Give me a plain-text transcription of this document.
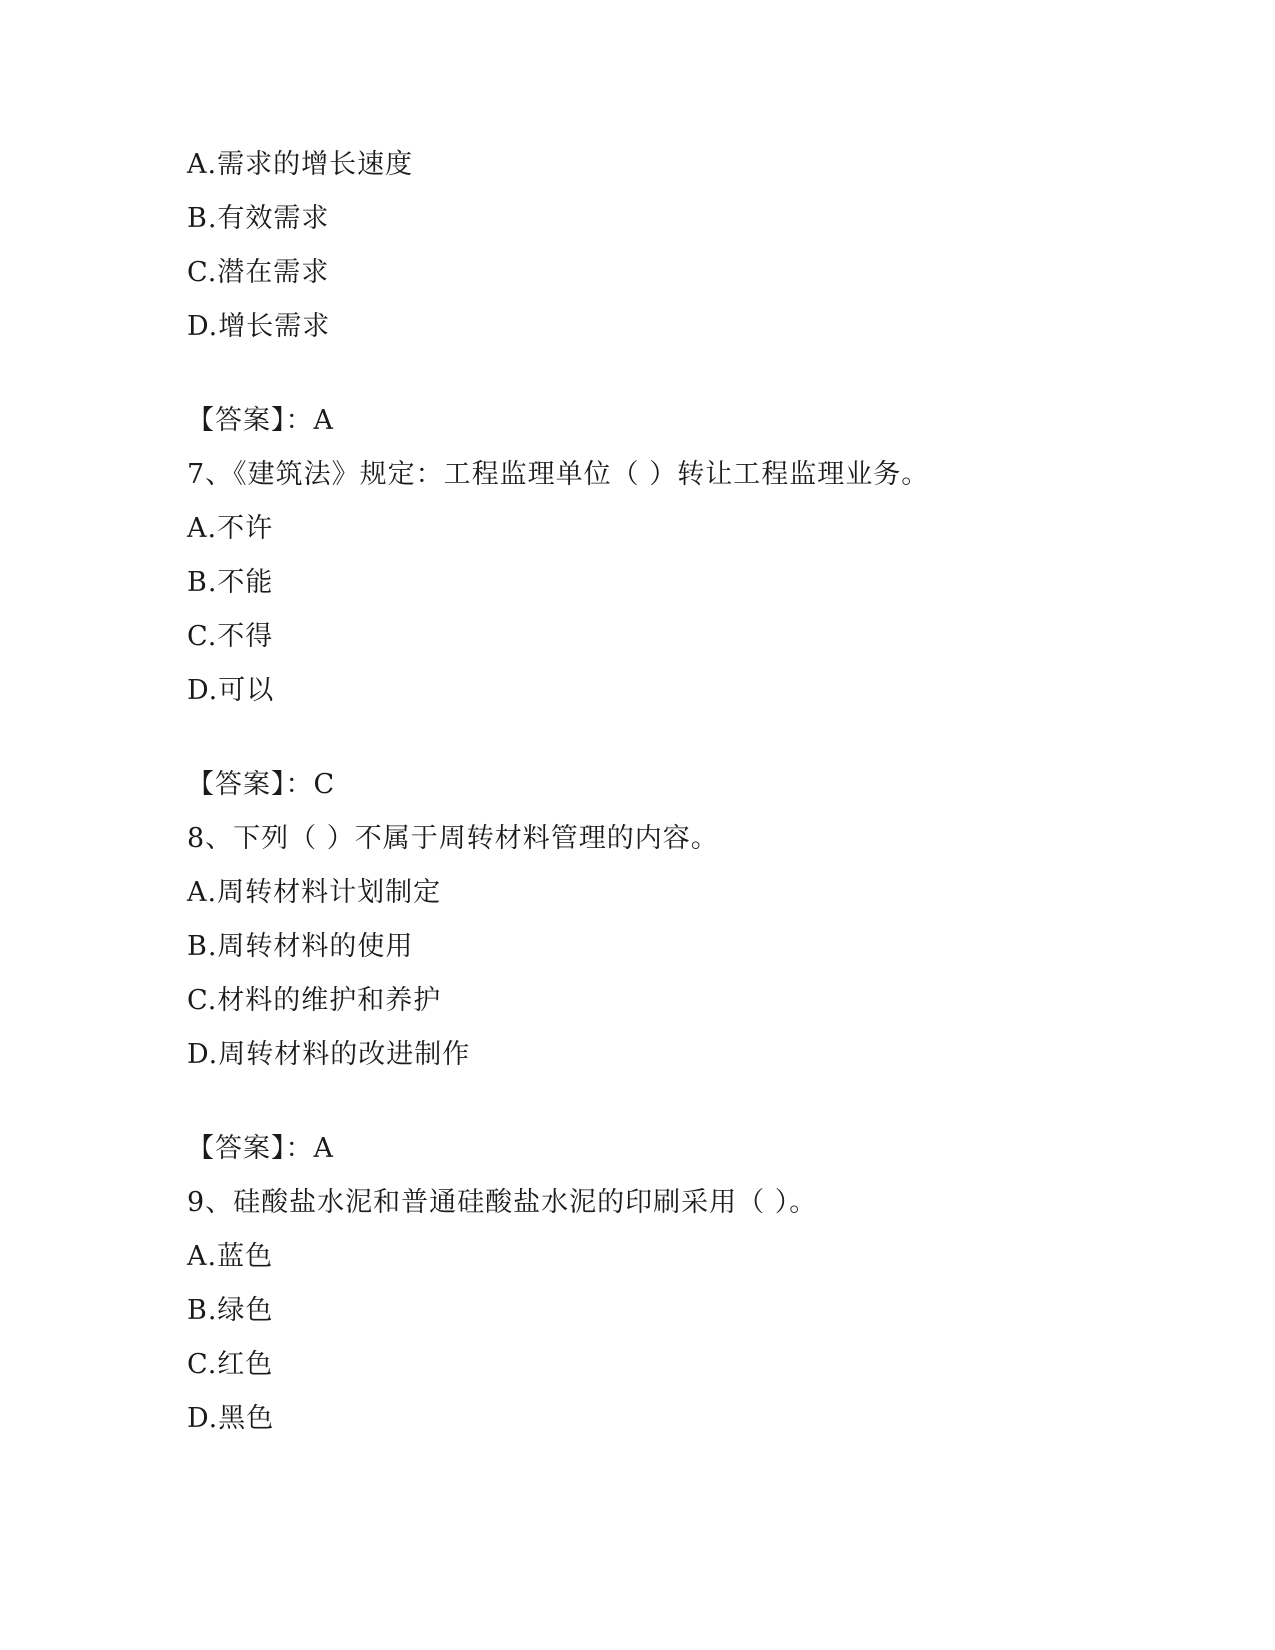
A.需求的增长速度
B.有效需求
C.潜在需求
D.增长需求
【答案】：A
7、《建筑法》规定：工程监理单位（ ）转让工程监理业务。
A.不许
B.不能
C.不得
D.可以
【答案】：C
8、下列（ ）不属于周转材料管理的内容。
A.周转材料计划制定
B.周转材料的使用
C.材料的维护和养护
D.周转材料的改进制作
【答案】：A
9、硅酸盐水泥和普通硅酸盐水泥的印刷采用（ ）。
A.蓝色
B.绿色
C.红色
D.黑色
